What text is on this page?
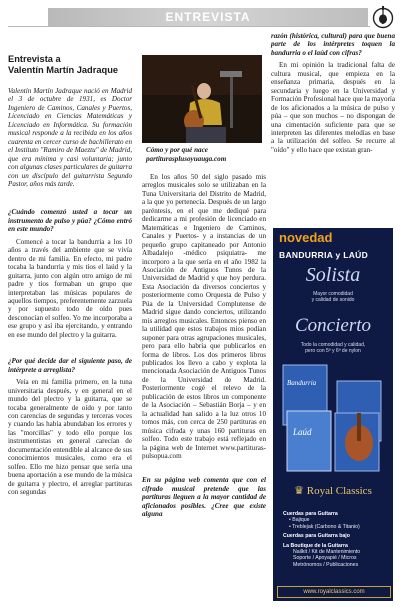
ENTREVISTA
Entrevista a
Valentín Martín Jadraque
Valentín Martín Jadraque nació en Madrid el 3 de octubre de 1931, es Doctor Ingeniero de Caminos, Canales y Puertos, Licenciado en Ciencias Matemáticas y Licenciado en Informática. Su formación musical responde a la recibida en los años cuarenta en cercer curso de bachillerato en el Instituto "Ramiro de Maeztu" de Madrid, que era mínima y casi voluntaria; junto con algunas clases particulares de guitarra con un discípulo del guitarrista Segundo Pastor, años más tarde.
¿Cuándo comenzó usted a tocar un instrumento de pulso y púa? ¿Cómo entró en este mundo?
Comencé a tocar la bandurria a los 10 años a través del ambiente que se vivía dentro de mi familia. En efecto, mi padre tocaba la bandurria y mis tíos el laúd y la guitarra, junto con algún otro amigo de mi padre y tíos formaban un grupo que interpretaban las músicas populares de aquellos tiempos, preferentemente zarzuela y por supuesto todo de oído pues desconocían el solfeo. Yo me incorporaba a ese grupo y así iba ejercitando, y entrando en ese mundo del plectro y la guitarra.
¿Por qué decide dar el siguiente paso, de intérprete a arreglista?
Veía en mi familia primero, en la tuna universitaria después, y en general en el mundo del plectro y la guitarra, que se tocaba generalmente de oído y por tanto con carencias de segundas y terceras voces y cuando las había abundaban los errores y las "morcillas" y todo ello porque los instrumentistas en general carecían de documentación entendible al alcance de sus conocimientos musicales, como era el solfeo. Ello me hizo pensar que sería una buena aportación a ese mundo de la música de guitarra y plectro, el arreglar partituras con segundas
Cómo y por qué nace partiturasplusoyuauga.com
En los años 50 del siglo pasado mis arreglos musicales solo se utilizaban en la Tuna Universitaria del Distrito de Madrid, a la que yo pertenecía. Después de un largo paréntesis, en el que me dediqué para dedicarme a mi profesión de licenciado en Matemáticas e Ingeniero de Caminos, Canales y Puertos- y a instancias de un pequeño grupo capitaneado por Antonio Albadalejo -médico psiquiatra- me incorporo a la que sería en el año 1982 la Asociación de Antiguos Tunos de la Universidad de Madrid y que hoy perdura. Esta Asociación da diversos conciertos y posteriormente como Orquesta de Pulso y Púa de la Universidad Complutense de Madrid sigue dando conciertos, utilizando mis arreglos musicales. Entonces pienso en la utilidad que estos trabajos míos podían suponer para otras agrupaciones musicales, pero para ello habría que publicarlos en forma de libros. Los dos primeros libros publicados los llevo a cabo y explota la mencionada Asociación de Antiguos Tunos de la Universidad de Madrid. Posteriormente cogé el relevo de la publicación de estos libros un componente de la Asociación – Sebastián Borja – y en la actualidad han salido a la luz otros 10 tomos más, con cerca de 250 partituras en música cifrada y unas 160 partituras en solfeo. Todo este trabajo está reflejado en la página web de Internet www.partituras-pulsopua.com
En su página web comenta que con el cifrado musical pretende que las partituras lleguen a la mayor cantidad de aficionados posibles. ¿Cree que existe alguna
razón (histórica, cultural) para que buena parte de los intérpretes toquen la bandurria o el laúd con cifras?
En mi opinión la tradicional falta de cultura musical, que empieza en la enseñanza primaria, después en la secundaria y luego en la Universidad y Formación Profesional hace que la mayoría de los aficionados a la música de pulso y púa – que son muchos – no dispongan de una cimentación suficiente para que se interpreten las diferentes melodías en base a la utilización del solfeo. Se recurre al "oído" y ello hace que existan gran-
novedad
BANDURRIA y LAÚD
Solista
Mayor comodidad
y calidad de sonido
Concierto
Todo la comodidad y calidad,
pero con 5ª y 6ª de nylon
Bandurria
Laúd
♛ Royal Classics
Cuerdas para Guitarra
• Bajique
• Treblejak (Carbono & Titanio)
Cuerdas para Guitarra bajo
La Boutique de la Guitarra
Nailkit / Kit de Mantenimiento
Soporte / Apoyapié / Micros
Metrónomos / Publicaciones
www.royalclassics.com
